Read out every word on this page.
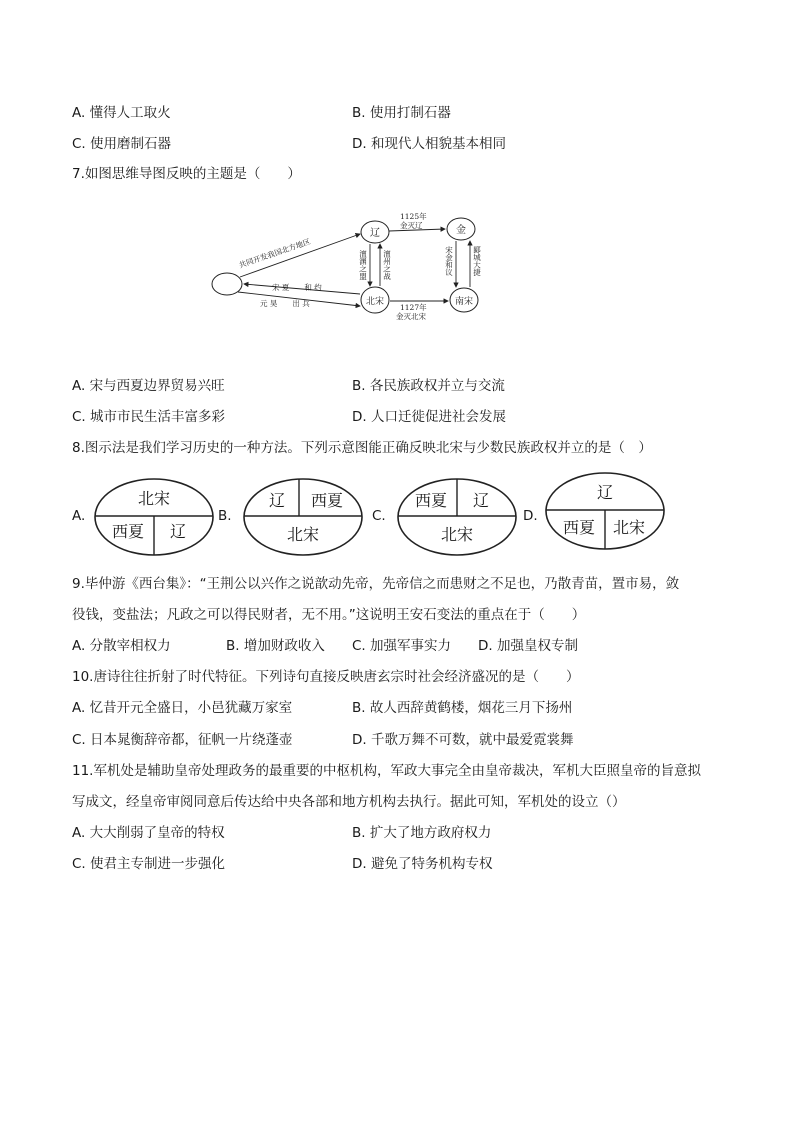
A. 懂得人工取火	B. 使用打制石器
C. 使用磨制石器	D. 和现代人相貌基本相同
7.如图思维导图反映的主题是（　　）
辽	金
北宋	南宋
共同开发我国北方地区
宋 夏　　和 约
元 昊　　出 兵
1125年
金灭辽
1127年
金灭北宋
澶渊之盟 澶州之战	宋金和议	郾城大捷
A. 宋与西夏边界贸易兴旺	B. 各民族政权并立与交流
C. 城市市民生活丰富多彩	D. 人口迁徙促进社会发展
8.图示法是我们学习历史的一种方法。下列示意图能正确反映北宋与少数民族政权并立的是（　）
A.
北宋
西夏 辽
B.
辽 西夏
北宋
C.
西夏 辽
北宋
D.
辽
西夏 北宋
9.毕仲游《西台集》：“王荆公以兴作之说歆动先帝，先帝信之而患财之不足也，乃散青苗，置市易，敛
役钱，变盐法；凡政之可以得民财者，无不用。”这说明王安石变法的重点在于（　　）
A. 分散宰相权力	B. 增加财政收入 C. 加强军事实力 D. 加强皇权专制
10.唐诗往往折射了时代特征。下列诗句直接反映唐玄宗时社会经济盛况的是（　　）
A. 忆昔开元全盛日，小邑犹藏万家室	B. 故人西辞黄鹤楼，烟花三月下扬州
C. 日本晁衡辞帝都，征帆一片绕蓬壶	D. 千歌万舞不可数，就中最爱霓裳舞
11.军机处是辅助皇帝处理政务的最重要的中枢机构，军政大事完全由皇帝裁决，军机大臣照皇帝的旨意拟
写成文，经皇帝审阅同意后传达给中央各部和地方机构去执行。据此可知，军机处的设立（）
A. 大大削弱了皇帝的特权	B. 扩大了地方政府权力
C. 使君主专制进一步强化	D. 避免了特务机构专权
